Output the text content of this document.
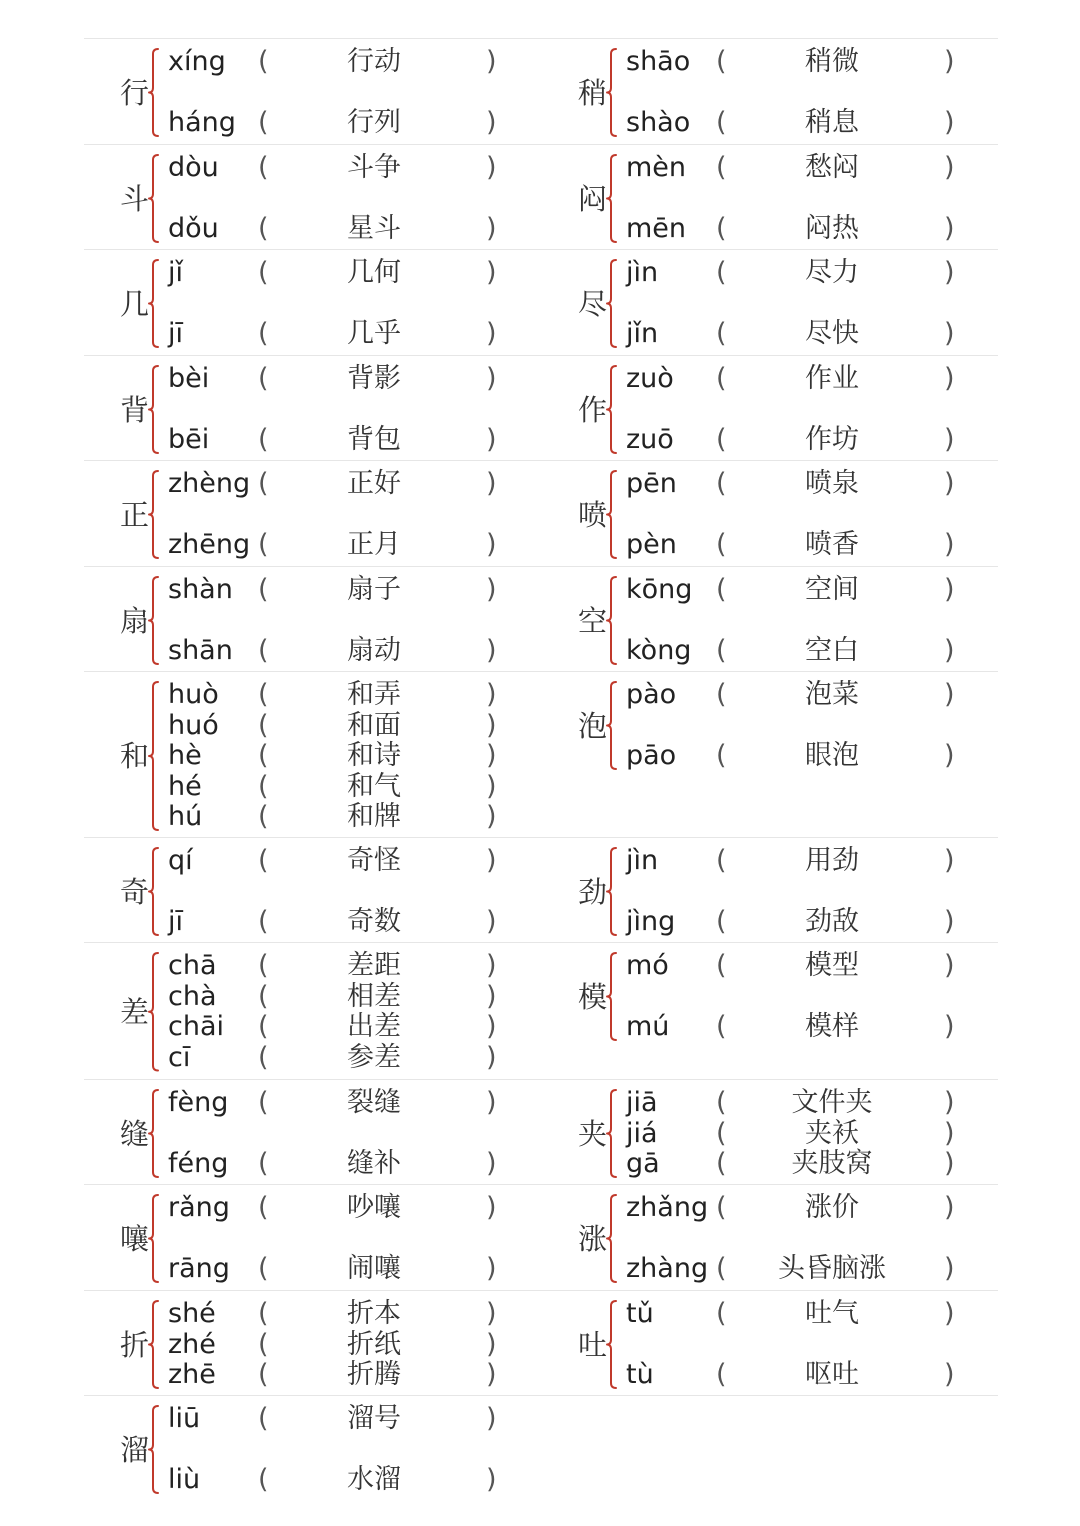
行
xíng (	行动	)
háng (	行列	)
稍
shāo (	稍微	)
shào (	稍息	)
斗
dòu (	斗争	)
dǒu (	星斗	)
闷
mèn (	愁闷	)
mēn (	闷热	)
几
jǐ	(	几何	)
jī	(	几乎	)
尽
jìn (	尽力	)
jǐn (	尽快	)
背
bèi (	背影	)
bēi (	背包	)
作
zuò (	作业	)
zuō (	作坊	)
正
zhèng (	正好	)
zhēng (	正月	)
喷
pēn (	喷泉	)
pèn (	喷香	)
扇
shàn (	扇子	)
shān (	扇动	)
空
kōng (	空间	)
kòng (	空白	)
和
huò (	和弄	)
huó (	和面	)
hè (	和诗	)
hé (	和气	)
hú (	和牌	)
泡
pào (	泡菜	)
pāo (	眼泡	)
奇
qí (	奇怪	)
jī	(	奇数	)
劲
jìn (	用劲	)
jìng (	劲敌	)
差
chā (	差距	)
chà (	相差	)
chāi (	出差	)
cī	(	参差	)
模
mó (	模型	)
mú (	模样	)
缝
fèng (	裂缝	)
féng (	缝补	)
夹
jiā (	文件夹	)
jiá (	夹袄	)
gā (	夹肢窝	)
嚷
rǎng (	吵嚷	)
rāng (	闹嚷	)
涨
zhǎng (	涨价	)
zhàng (	头昏脑涨	)
折
shé (	折本	)
zhé (	折纸	)
zhē (	折腾	)
吐
tǔ (	吐气	)
tù (	呕吐	)
溜
liū (	溜号	)
liù (	水溜	)
